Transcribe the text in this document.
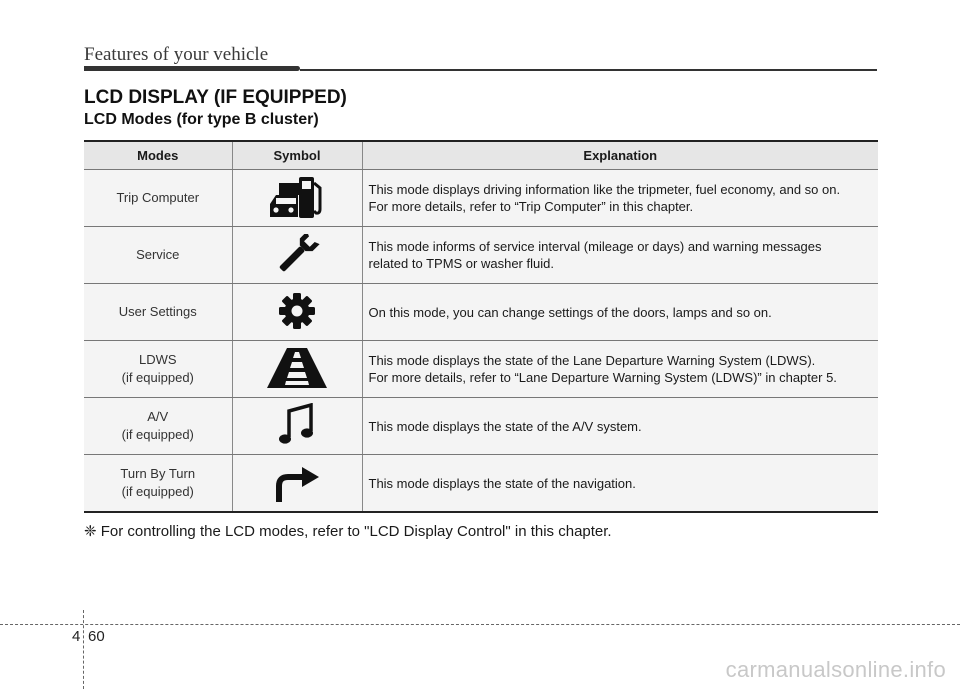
Features of your vehicle
LCD DISPLAY (IF EQUIPPED)
LCD Modes (for type B cluster)
Modes	Symbol	Explanation
Trip Computer		This mode displays driving information like the tripmeter, fuel economy, and so on.
For more details, refer to “Trip Computer” in this chapter.

Service		This mode informs of service interval (mileage or days) and warning messages
related to TPMS or washer fluid.

User Settings		On this mode, you can change settings of the doors, lamps and so on.

LDWS
(if equipped)		This mode displays the state of the Lane Departure Warning System (LDWS).
For more details, refer to “Lane Departure Warning System (LDWS)” in chapter 5.

A/V
(if equipped)		This mode displays the state of the A/V system.

Turn By Turn
(if equipped)		This mode displays the state of the navigation.

❈ For controlling the LCD modes, refer to "LCD Display Control" in this chapter.

4 60
carmanualsonline.info
